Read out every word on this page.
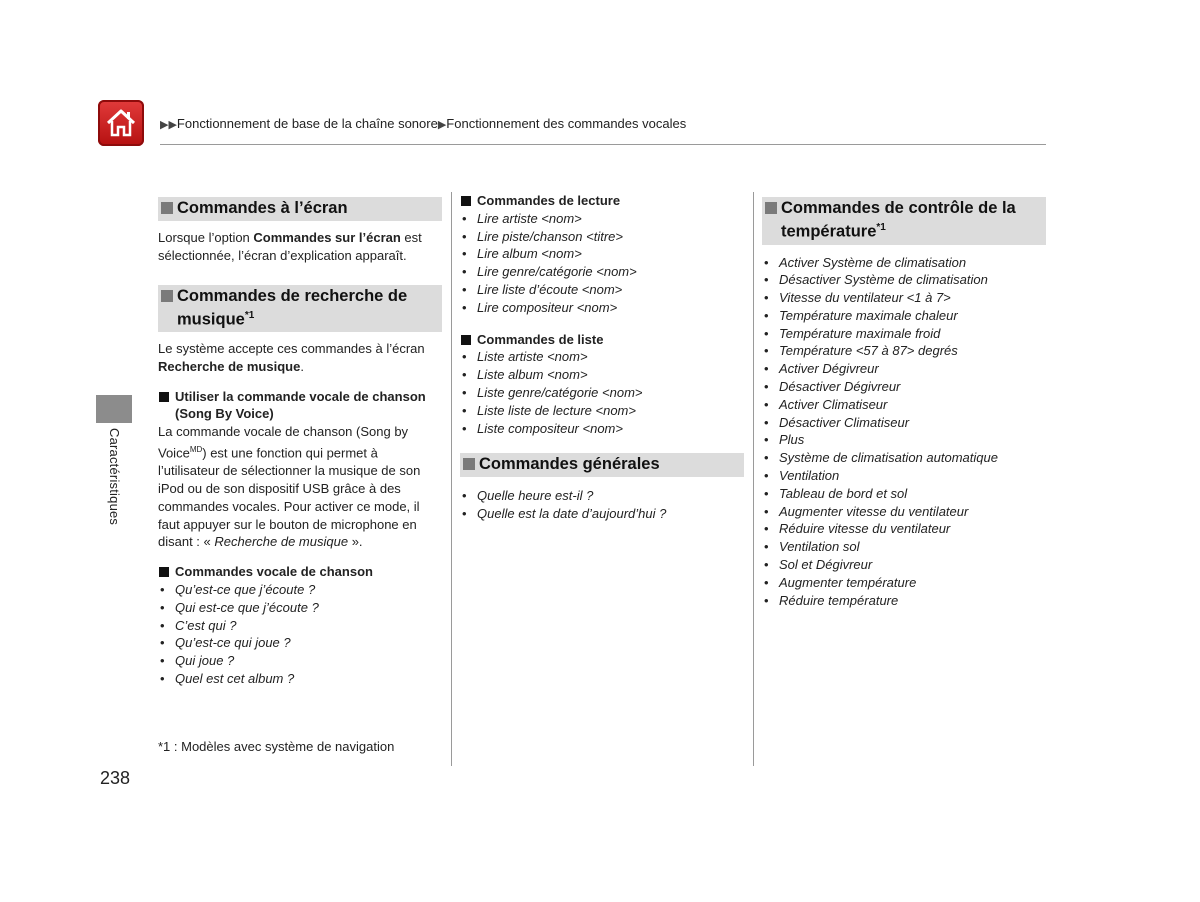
▶▶Fonctionnement de base de la chaîne sonore▶Fonctionnement des commandes vocales
Caractéristiques
Commandes à l’écran

Lorsque l’option Commandes sur l’écran est sélectionnée, l’écran d’explication apparaît.

Commandes de recherche de musique$^{*1}$

Le système accepte ces commandes à l’écran Recherche de musique.

Utiliser la commande vocale de chanson (Song By Voice)

La commande vocale de chanson (Song by Voice$^{MD}$) est une fonction qui permet à l’utilisateur de sélectionner la musique de son iPod ou de son dispositif USB grâce à des commandes vocales. Pour activer ce mode, il faut appuyer sur le bouton de microphone en disant : « Recherche de musique ».

Commandes vocale de chanson
• Qu’est-ce que j’écoute ?
• Qui est-ce que j’écoute ?
• C’est qui ?
• Qu’est-ce qui joue ?
• Qui joue ?
• Quel est cet album ?
Commandes de lecture
• Lire artiste <nom>
• Lire piste/chanson <titre>
• Lire album <nom>
• Lire genre/catégorie <nom>
• Lire liste d’écoute <nom>
• Lire compositeur <nom>
Commandes de liste
• Liste artiste <nom>
• Liste album <nom>
• Liste genre/catégorie <nom>
• Liste liste de lecture <nom>
• Liste compositeur <nom>
Commandes générales
• Quelle heure est-il ?
• Quelle est la date d’aujourd’hui ?
Commandes de contrôle de la température$^{*1}$
• Activer Système de climatisation
• Désactiver Système de climatisation
• Vitesse du ventilateur <1 à 7>
• Température maximale chaleur
• Température maximale froid
• Température <57 à 87> degrés
• Activer Dégivreur
• Désactiver Dégivreur
• Activer Climatiseur
• Désactiver Climatiseur
• Plus
• Système de climatisation automatique
• Ventilation
• Tableau de bord et sol
• Augmenter vitesse du ventilateur
• Réduire vitesse du ventilateur
• Ventilation sol
• Sol et Dégivreur
• Augmenter température
• Réduire température
*1 : Modèles avec système de navigation
238
